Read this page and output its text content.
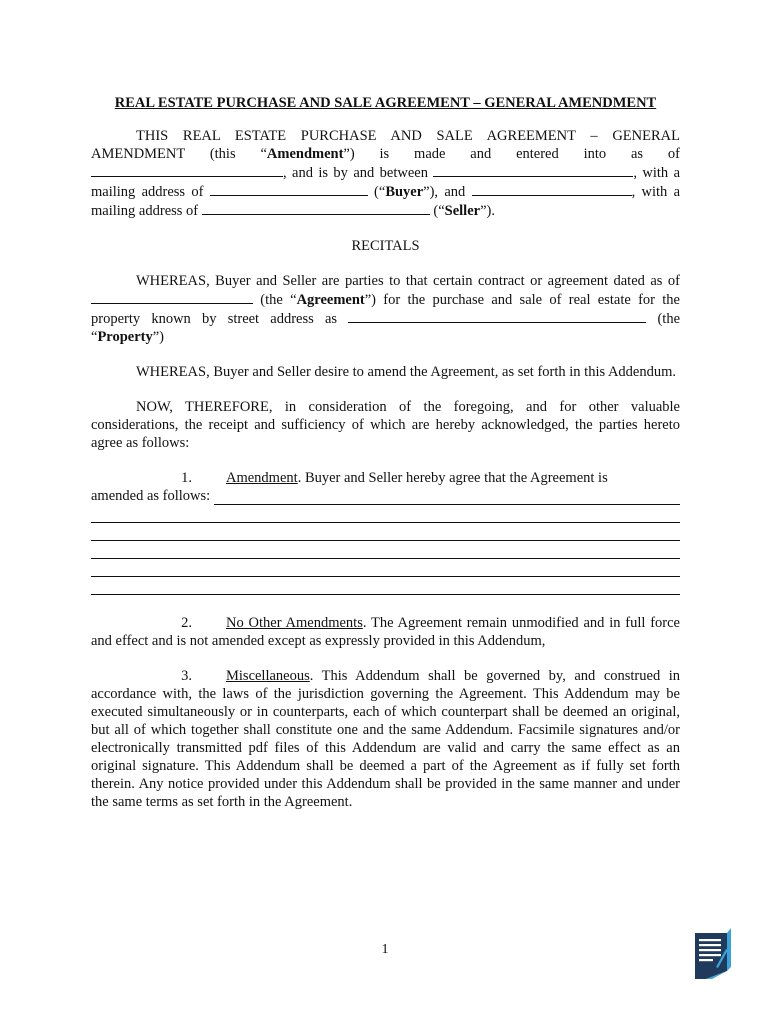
REAL ESTATE PURCHASE AND SALE AGREEMENT – GENERAL AMENDMENT

THIS REAL ESTATE PURCHASE AND SALE AGREEMENT – GENERAL AMENDMENT (this “Amendment”) is made and entered into as of , and is by and between	, with a mailing address of	(“Buyer”), and	, with a mailing address of	(“Seller”).

RECITALS

WHEREAS, Buyer and Seller are parties to that certain contract or agreement dated as of  (the “Agreement”) for the purchase and sale of real estate for the property known by street address as	(the “Property”)

WHEREAS, Buyer and Seller desire to amend the Agreement, as set forth in this Addendum.

NOW, THEREFORE, in consideration of the foregoing, and for other valuable considerations, the receipt and sufficiency of which are hereby acknowledged, the parties hereto agree as follows:

1. Amendment. Buyer and Seller hereby agree that the Agreement is

amended as follows:

2. No Other Amendments. The Agreement remain unmodified and in full force and effect and is not amended except as expressly provided in this Addendum,

3. Miscellaneous. This Addendum shall be governed by, and construed in accordance with, the laws of the jurisdiction governing the Agreement. This Addendum may be executed simultaneously or in counterparts, each of which counterpart shall be deemed an original, but all of which together shall constitute one and the same Addendum. Facsimile signatures and/or electronically transmitted pdf files of this Addendum are valid and carry the same effect as an original signature. This Addendum shall be deemed a part of the Agreement as if fully set forth therein. Any notice provided under this Addendum shall be provided in the same manner and under the same terms as set forth in the Agreement.

1
